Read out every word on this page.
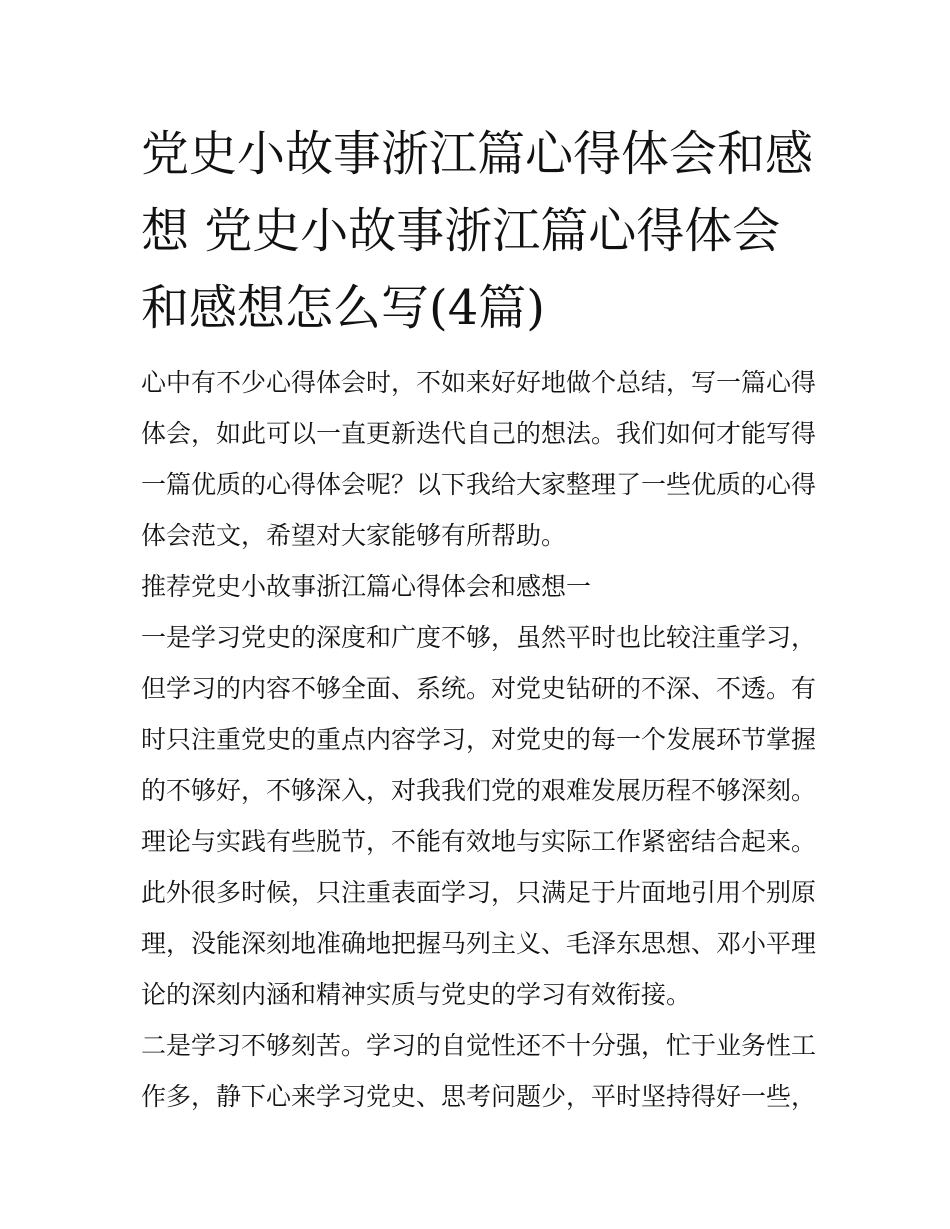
党史小故事浙江篇心得体会和感想 党史小故事浙江篇心得体会和感想怎么写(4篇)

心中有不少心得体会时，不如来好好地做个总结，写一篇心得体会，如此可以一直更新迭代自己的想法。我们如何才能写得一篇优质的心得体会呢？以下我给大家整理了一些优质的心得体会范文，希望对大家能够有所帮助。

推荐党史小故事浙江篇心得体会和感想一

一是学习党史的深度和广度不够，虽然平时也比较注重学习，但学习的内容不够全面、系统。对党史钻研的不深、不透。有时只注重党史的重点内容学习，对党史的每一个发展环节掌握的不够好，不够深入，对我我们党的艰难发展历程不够深刻。理论与实践有些脱节，不能有效地与实际工作紧密结合起来。此外很多时候，只注重表面学习，只满足于片面地引用个别原理，没能深刻地准确地把握马列主义、毛泽东思想、邓小平理论的深刻内涵和精神实质与党史的学习有效衔接。

二是学习不够刻苦。学习的自觉性还不十分强，忙于业务性工作多，静下心来学习党史、思考问题少，平时坚持得好一些，
